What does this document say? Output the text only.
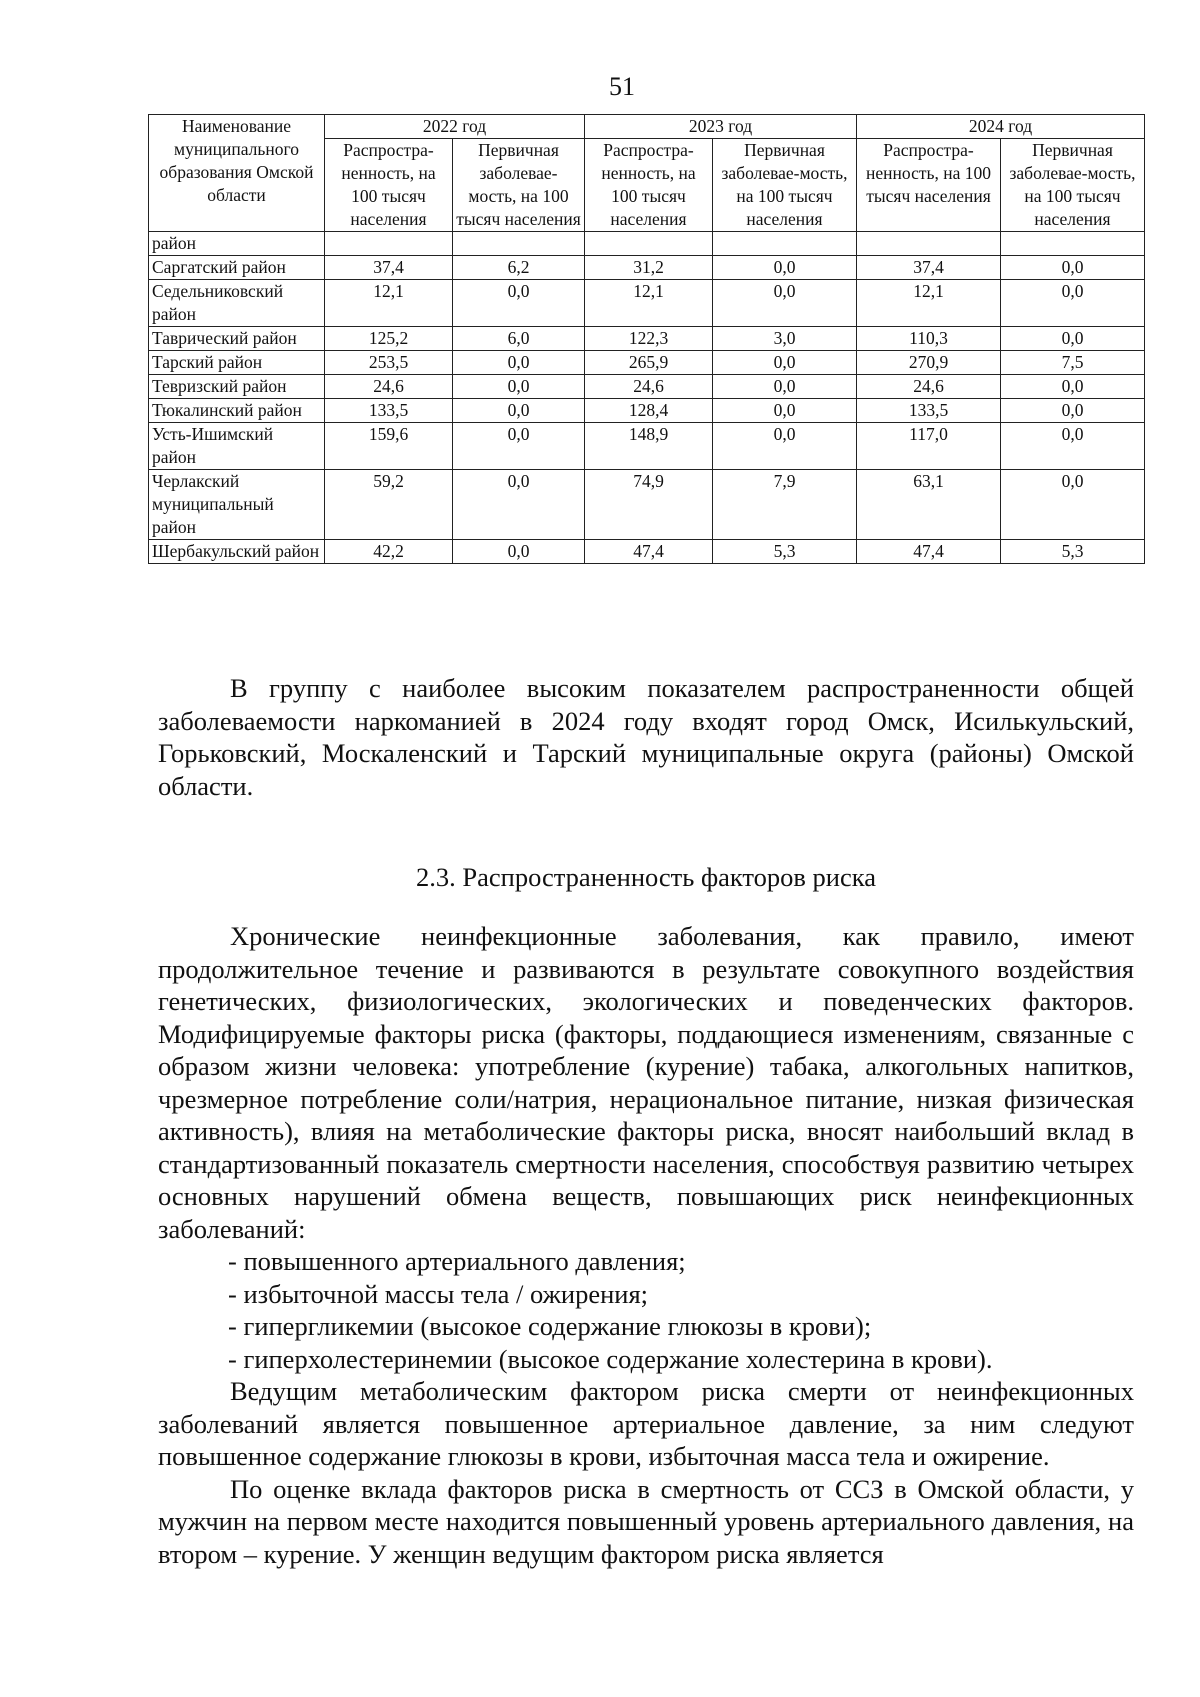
51
Наименование муниципального образования Омской области	2022 год		2023 год		2024 год	
	Распростра-ненность, на 100 тысяч населения	Первичная заболевае-мость, на 100 тысяч населения	Распростра-ненность, на 100 тысяч населения	Первичная заболевае-мость, на 100 тысяч населения	Распростра-ненность, на 100 тысяч населения	Первичная заболевае-мость, на 100 тысяч населения
район						
Саргатский район	37,4	6,2	31,2	0,0	37,4	0,0
Седельниковский район	12,1	0,0	12,1	0,0	12,1	0,0
Таврический район	125,2	6,0	122,3	3,0	110,3	0,0
Тарский район	253,5	0,0	265,9	0,0	270,9	7,5
Тевризский район	24,6	0,0	24,6	0,0	24,6	0,0
Тюкалинский район	133,5	0,0	128,4	0,0	133,5	0,0
Усть-Ишимский район	159,6	0,0	148,9	0,0	117,0	0,0
Черлакский муниципальный район	59,2	0,0	74,9	7,9	63,1	0,0
Шербакульский район	42,2	0,0	47,4	5,3	47,4	5,3

В группу с наиболее высоким показателем распространенности общей заболеваемости наркоманией в 2024 году входят город Омск, Исилькульский, Горьковский, Москаленский и Тарский муниципальные округа (районы) Омской области.

2.3. Распространенность факторов риска

Хронические неинфекционные заболевания, как правило, имеют продолжительное течение и развиваются в результате совокупного воздействия генетических, физиологических, экологических и поведенческих факторов. Модифицируемые факторы риска (факторы, поддающиеся изменениям, связанные с образом жизни человека: употребление (курение) табака, алкогольных напитков, чрезмерное потребление соли/натрия, нерациональное питание, низкая физическая активность), влияя на метаболические факторы риска, вносят наибольший вклад в стандартизованный показатель смертности населения, способствуя развитию четырех основных нарушений обмена веществ, повышающих риск неинфекционных заболеваний:

- повышенного артериального давления;
- избыточной массы тела / ожирения;
- гипергликемии (высокое содержание глюкозы в крови);
- гиперхолестеринемии (высокое содержание холестерина в крови).

Ведущим метаболическим фактором риска смерти от неинфекционных заболеваний является повышенное артериальное давление, за ним следуют повышенное содержание глюкозы в крови, избыточная масса тела и ожирение.

По оценке вклада факторов риска в смертность от ССЗ в Омской области, у мужчин на первом месте находится повышенный уровень артериального давления, на втором – курение. У женщин ведущим фактором риска является
